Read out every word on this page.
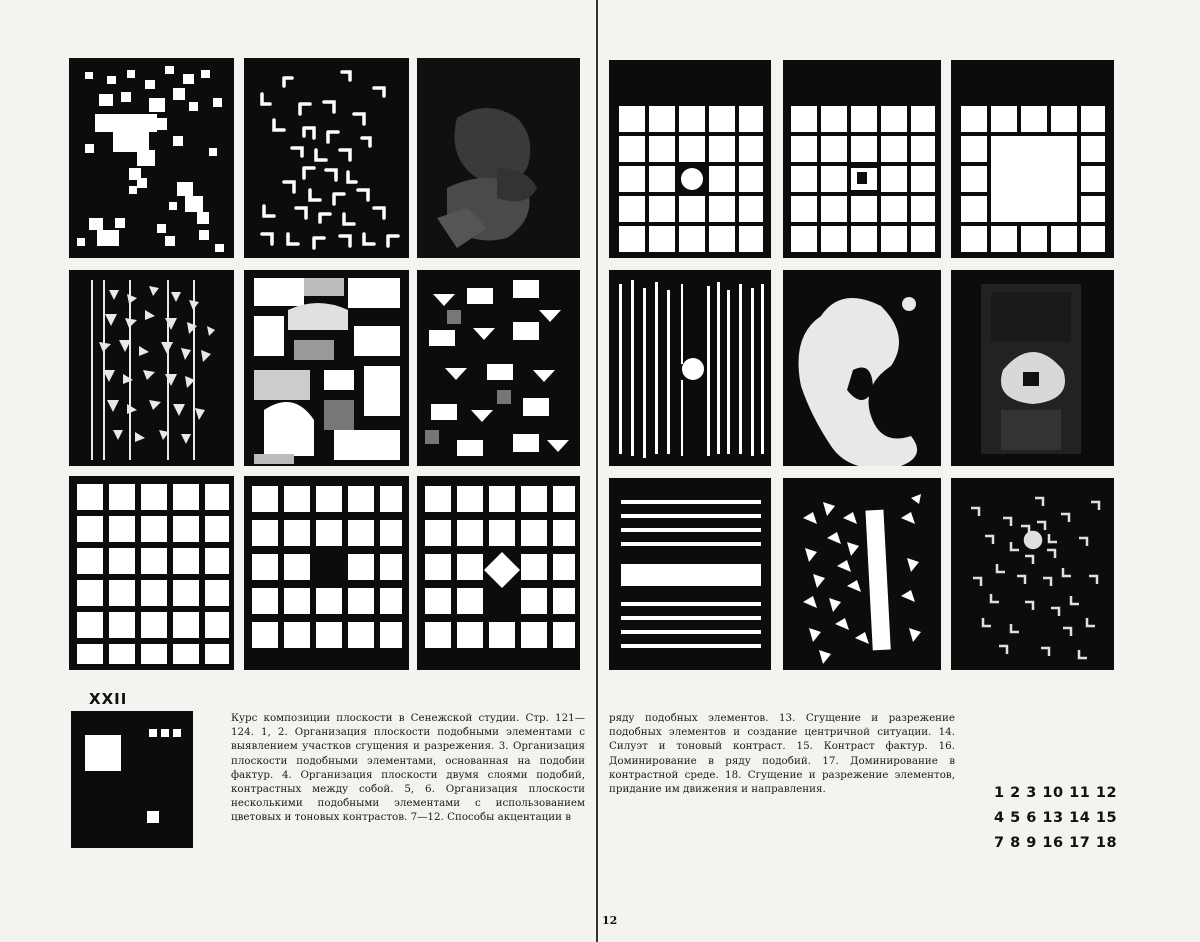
XXII
Курс композиции плоскости в Сенежской студии. Стр. 121—124. 1, 2. Организация плоскости подобными элементами с выявлением участков сгущения и разрежения. 3. Организация плоскости подобными элементами, основанная на подобии фактур. 4. Организация плоскости двумя слоями подобий, контрастных между собой. 5, 6. Организация плоскости несколькими подобными элементами с использованием цветовых и тоновых контрастов. 7—12. Способы акцентации в
ряду подобных элементов. 13. Сгущение и разрежение подобных элементов и создание центричной ситуации. 14. Силуэт и тоновый контраст. 15. Контраст фактур. 16. Доминирование в ряду подобий. 17. Доминирование в контрастной среде. 18. Сгущение и разрежение элементов, придание им движения и направления.	1 2 3 10 11 12
4 5 6 13 14 15
7 8 9 16 17 18
12
